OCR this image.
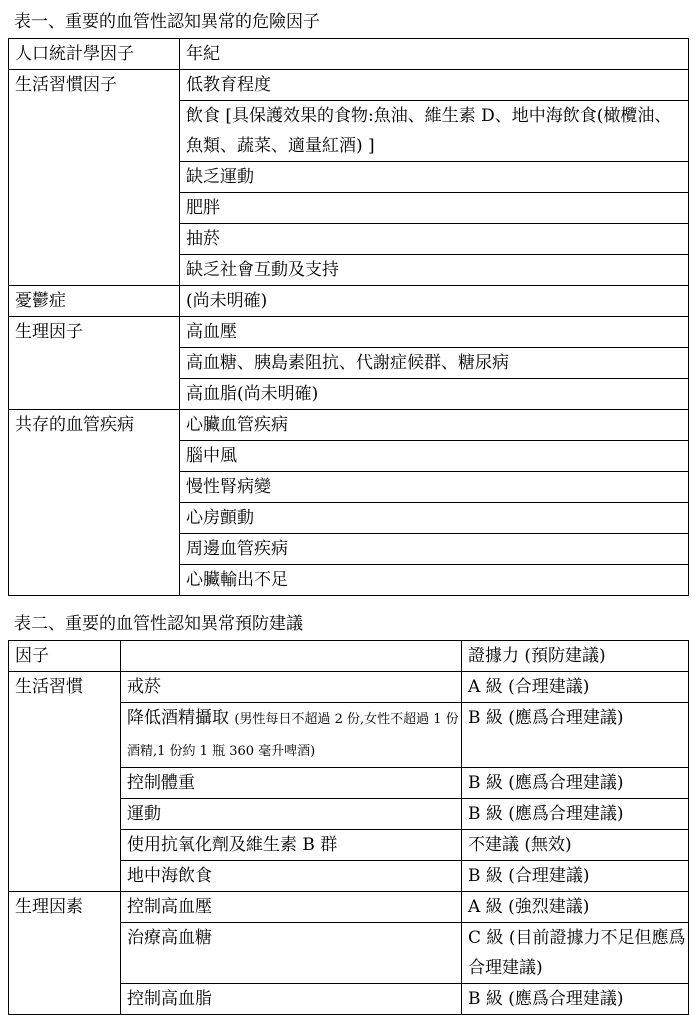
表一、重要的血管性認知異常的危險因子
人口統計學因子	年紀
生活習慣因子	低教育程度
	飲食 [具保護效果的食物:魚油、維生素 D、地中海飲食(橄欖油、魚類、蔬菜、適量紅酒) ]
	缺乏運動
	肥胖
	抽菸
	缺乏社會互動及支持
憂鬱症	(尚未明確)
生理因子	高血壓
	高血糖、胰島素阻抗、代謝症候群、糖尿病
	高血脂(尚未明確)
共存的血管疾病	心臟血管疾病
	腦中風
	慢性腎病變
	心房顫動
	周邊血管疾病
	心臟輸出不足
表二、重要的血管性認知異常預防建議
因子		證據力 (預防建議)
生活習慣	戒菸	A 級 (合理建議)
	降低酒精攝取 (男性每日不超過 2 份,女性不超過 1 份酒精,1 份約 1 瓶 360 毫升啤酒)	B 級 (應爲合理建議)
	控制體重	B 級 (應爲合理建議)
	運動	B 級 (應爲合理建議)
	使用抗氧化劑及維生素 B 群	不建議 (無效)
	地中海飲食	B 級 (合理建議)
生理因素	控制高血壓	A 級 (強烈建議)
	治療高血糖	C 級 (目前證據力不足但應爲合理建議)
	控制高血脂	B 級 (應爲合理建議)
